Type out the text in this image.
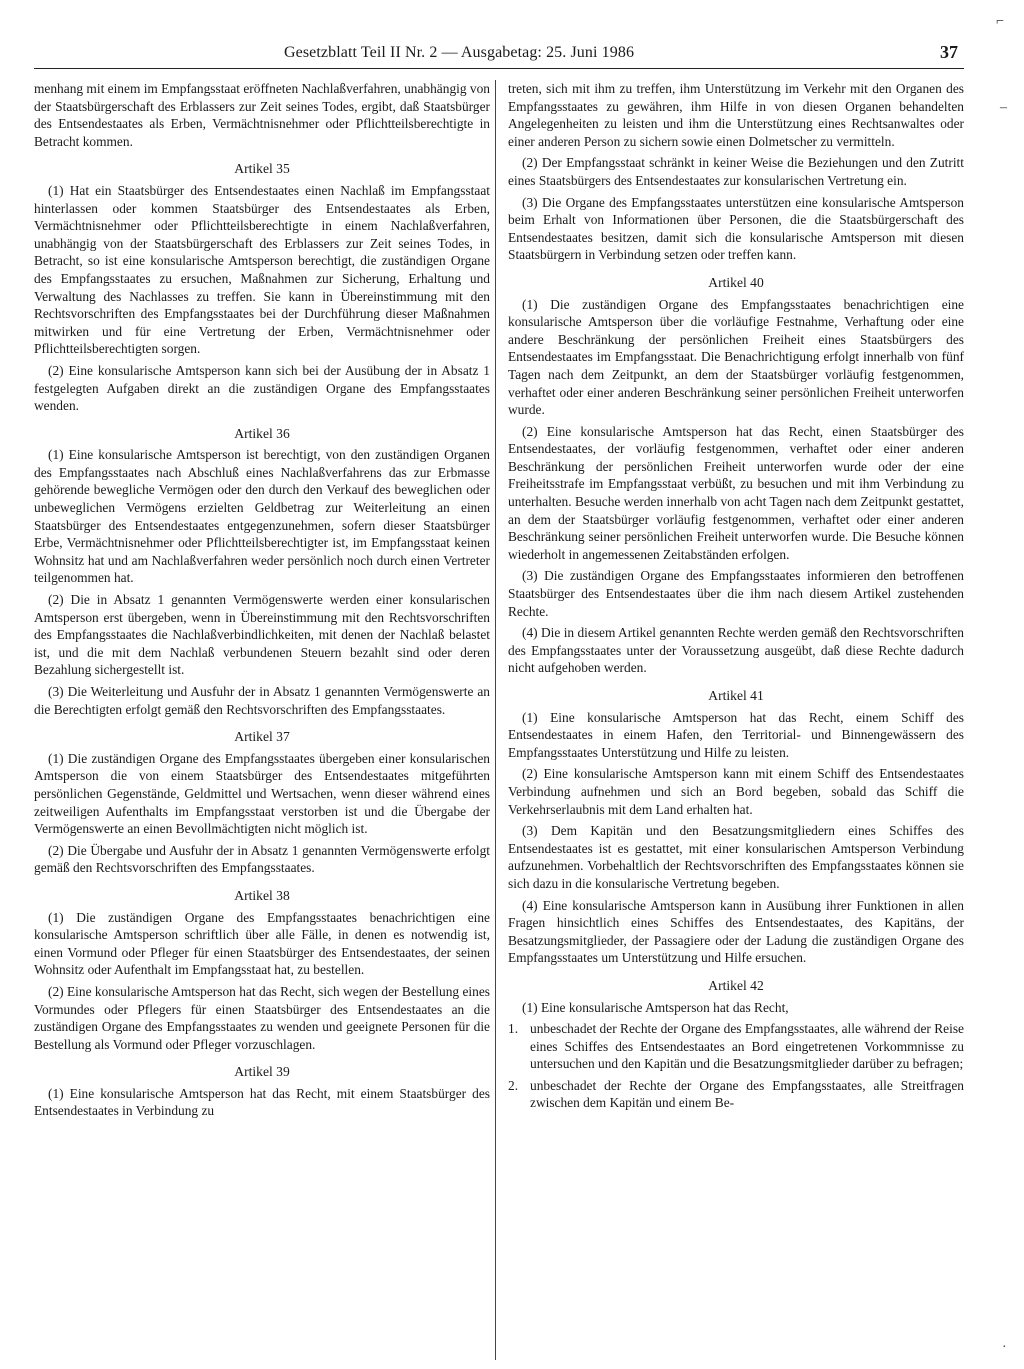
Gesetzblatt Teil II Nr. 2 — Ausgabetag: 25. Juni 1986	37

menhang mit einem im Empfangsstaat eröffneten Nachlaßverfahren, unabhängig von der Staatsbürgerschaft des Erblassers zur Zeit seines Todes, ergibt, daß Staatsbürger des Entsendestaates als Erben, Vermächtnisnehmer oder Pflichtteilsberechtigte in Betracht kommen.

Artikel 35

(1) Hat ein Staatsbürger des Entsendestaates einen Nachlaß im Empfangsstaat hinterlassen oder kommen Staatsbürger des Entsendestaates als Erben, Vermächtnisnehmer oder Pflichtteilsberechtigte in einem Nachlaßverfahren, unabhängig von der Staatsbürgerschaft des Erblassers zur Zeit seines Todes, in Betracht, so ist eine konsularische Amtsperson berechtigt, die zuständigen Organe des Empfangsstaates zu ersuchen, Maßnahmen zur Sicherung, Erhaltung und Verwaltung des Nachlasses zu treffen. Sie kann in Übereinstimmung mit den Rechtsvorschriften des Empfangsstaates bei der Durchführung dieser Maßnahmen mitwirken und für eine Vertretung der Erben, Vermächtnisnehmer oder Pflichtteilsberechtigten sorgen.

(2) Eine konsularische Amtsperson kann sich bei der Ausübung der in Absatz 1 festgelegten Aufgaben direkt an die zuständigen Organe des Empfangsstaates wenden.

Artikel 36

(1) Eine konsularische Amtsperson ist berechtigt, von den zuständigen Organen des Empfangsstaates nach Abschluß eines Nachlaßverfahrens das zur Erbmasse gehörende bewegliche Vermögen oder den durch den Verkauf des beweglichen oder unbeweglichen Vermögens erzielten Geldbetrag zur Weiterleitung an einen Staatsbürger des Entsendestaates entgegenzunehmen, sofern dieser Staatsbürger Erbe, Vermächtnisnehmer oder Pflichtteilsberechtigter ist, im Empfangsstaat keinen Wohnsitz hat und am Nachlaßverfahren weder persönlich noch durch einen Vertreter teilgenommen hat.

(2) Die in Absatz 1 genannten Vermögenswerte werden einer konsularischen Amtsperson erst übergeben, wenn in Übereinstimmung mit den Rechtsvorschriften des Empfangsstaates die Nachlaßverbindlichkeiten, mit denen der Nachlaß belastet ist, und die mit dem Nachlaß verbundenen Steuern bezahlt sind oder deren Bezahlung sichergestellt ist.

(3) Die Weiterleitung und Ausfuhr der in Absatz 1 genannten Vermögenswerte an die Berechtigten erfolgt gemäß den Rechtsvorschriften des Empfangsstaates.

Artikel 37

(1) Die zuständigen Organe des Empfangsstaates übergeben einer konsularischen Amtsperson die von einem Staatsbürger des Entsendestaates mitgeführten persönlichen Gegenstände, Geldmittel und Wertsachen, wenn dieser während eines zeitweiligen Aufenthalts im Empfangsstaat verstorben ist und die Übergabe der Vermögenswerte an einen Bevollmächtigten nicht möglich ist.

(2) Die Übergabe und Ausfuhr der in Absatz 1 genannten Vermögenswerte erfolgt gemäß den Rechtsvorschriften des Empfangsstaates.

Artikel 38

(1) Die zuständigen Organe des Empfangsstaates benachrichtigen eine konsularische Amtsperson schriftlich über alle Fälle, in denen es notwendig ist, einen Vormund oder Pfleger für einen Staatsbürger des Entsendestaates, der seinen Wohnsitz oder Aufenthalt im Empfangsstaat hat, zu bestellen.

(2) Eine konsularische Amtsperson hat das Recht, sich wegen der Bestellung eines Vormundes oder Pflegers für einen Staatsbürger des Entsendestaates an die zuständigen Organe des Empfangsstaates zu wenden und geeignete Personen für die Bestellung als Vormund oder Pfleger vorzuschlagen.

Artikel 39

(1) Eine konsularische Amtsperson hat das Recht, mit einem Staatsbürger des Entsendestaates in Verbindung zu

treten, sich mit ihm zu treffen, ihm Unterstützung im Verkehr mit den Organen des Empfangsstaates zu gewähren, ihm Hilfe in von diesen Organen behandelten Angelegenheiten zu leisten und ihm die Unterstützung eines Rechtsanwaltes oder einer anderen Person zu sichern sowie einen Dolmetscher zu vermitteln.

(2) Der Empfangsstaat schränkt in keiner Weise die Beziehungen und den Zutritt eines Staatsbürgers des Entsendestaates zur konsularischen Vertretung ein.

(3) Die Organe des Empfangsstaates unterstützen eine konsularische Amtsperson beim Erhalt von Informationen über Personen, die die Staatsbürgerschaft des Entsendestaates besitzen, damit sich die konsularische Amtsperson mit diesen Staatsbürgern in Verbindung setzen oder treffen kann.

Artikel 40

(1) Die zuständigen Organe des Empfangsstaates benachrichtigen eine konsularische Amtsperson über die vorläufige Festnahme, Verhaftung oder eine andere Beschränkung der persönlichen Freiheit eines Staatsbürgers des Entsendestaates im Empfangsstaat. Die Benachrichtigung erfolgt innerhalb von fünf Tagen nach dem Zeitpunkt, an dem der Staatsbürger vorläufig festgenommen, verhaftet oder einer anderen Beschränkung seiner persönlichen Freiheit unterworfen wurde.

(2) Eine konsularische Amtsperson hat das Recht, einen Staatsbürger des Entsendestaates, der vorläufig festgenommen, verhaftet oder einer anderen Beschränkung der persönlichen Freiheit unterworfen wurde oder der eine Freiheitsstrafe im Empfangsstaat verbüßt, zu besuchen und mit ihm Verbindung zu unterhalten. Besuche werden innerhalb von acht Tagen nach dem Zeitpunkt gestattet, an dem der Staatsbürger vorläufig festgenommen, verhaftet oder einer anderen Beschränkung seiner persönlichen Freiheit unterworfen wurde. Die Besuche können wiederholt in angemessenen Zeitabständen erfolgen.

(3) Die zuständigen Organe des Empfangsstaates informieren den betroffenen Staatsbürger des Entsendestaates über die ihm nach diesem Artikel zustehenden Rechte.

(4) Die in diesem Artikel genannten Rechte werden gemäß den Rechtsvorschriften des Empfangsstaates unter der Voraussetzung ausgeübt, daß diese Rechte dadurch nicht aufgehoben werden.

Artikel 41

(1) Eine konsularische Amtsperson hat das Recht, einem Schiff des Entsendestaates in einem Hafen, den Territorial- und Binnengewässern des Empfangsstaates Unterstützung und Hilfe zu leisten.

(2) Eine konsularische Amtsperson kann mit einem Schiff des Entsendestaates Verbindung aufnehmen und sich an Bord begeben, sobald das Schiff die Verkehrserlaubnis mit dem Land erhalten hat.

(3) Dem Kapitän und den Besatzungsmitgliedern eines Schiffes des Entsendestaates ist es gestattet, mit einer konsularischen Amtsperson Verbindung aufzunehmen. Vorbehaltlich der Rechtsvorschriften des Empfangsstaates können sie sich dazu in die konsularische Vertretung begeben.

(4) Eine konsularische Amtsperson kann in Ausübung ihrer Funktionen in allen Fragen hinsichtlich eines Schiffes des Entsendestaates, des Kapitäns, der Besatzungsmitglieder, der Passagiere oder der Ladung die zuständigen Organe des Empfangsstaates um Unterstützung und Hilfe ersuchen.

Artikel 42

(1) Eine konsularische Amtsperson hat das Recht,

1. unbeschadet der Rechte der Organe des Empfangsstaates, alle während der Reise eines Schiffes des Entsendestaates an Bord eingetretenen Vorkommnisse zu untersuchen und den Kapitän und die Besatzungsmitglieder darüber zu befragen;
2. unbeschadet der Rechte der Organe des Empfangsstaates, alle Streitfragen zwischen dem Kapitän und einem Be-
⌐
–
·
